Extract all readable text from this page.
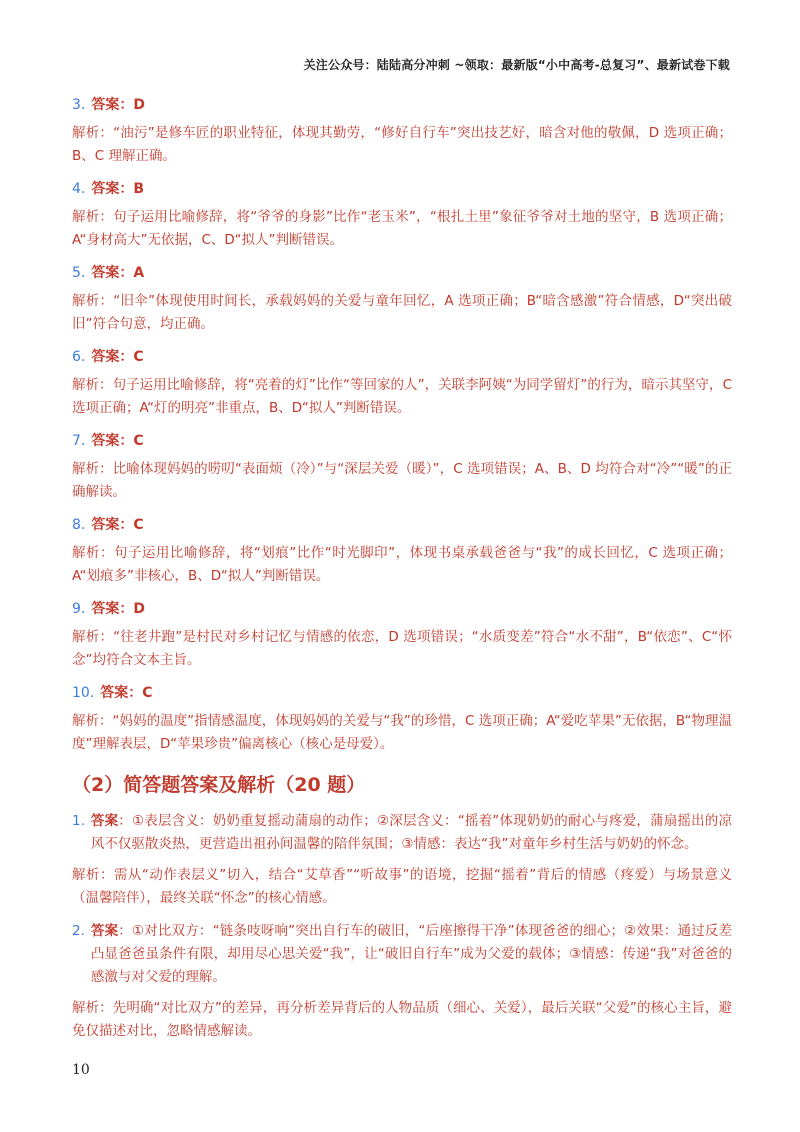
关注公众号：陆陆高分冲刺 ~领取：最新版“小中高考-总复习”、最新试卷下载
3. 答案： D

解析：“油污”是修车匠的职业特征，体现其勤劳，“修好自行车”突出技艺好，暗含对他的敬佩，D 选项正确；B、C 理解正确。

4. 答案： B

解析：句子运用比喻修辞，将“爷爷的身影”比作“老玉米”，“根扎土里”象征爷爷对土地的坚守，B 选项正确；A“身材高大”无依据，C、D“拟人”判断错误。

5. 答案： A

解析：“旧伞”体现使用时间长，承载妈妈的关爱与童年回忆，A 选项正确；B“暗含感激”符合情感，D“突出破旧”符合句意，均正确。

6. 答案： C

解析：句子运用比喻修辞，将“亮着的灯”比作“等回家的人”，关联李阿姨“为同学留灯”的行为，暗示其坚守，C 选项正确；A“灯的明亮”非重点，B、D“拟人”判断错误。

7. 答案： C

解析：比喻体现妈妈的唠叨“表面烦（冷）”与“深层关爱（暖）”，C 选项错误；A、B、D 均符合对“冷”“暖”的正确解读。

8. 答案： C

解析：句子运用比喻修辞，将“划痕”比作“时光脚印”，体现书桌承载爸爸与“我”的成长回忆，C 选项正确；A“划痕多”非核心，B、D“拟人”判断错误。

9. 答案： D

解析：“往老井跑”是村民对乡村记忆与情感的依恋，D 选项错误；“水质变差”符合“水不甜”，B“依恋”、C“怀念”均符合文本主旨。

10. 答案： C

解析：“妈妈的温度”指情感温度，体现妈妈的关爱与“我”的珍惜，C 选项正确；A“爱吃苹果”无依据，B“物理温度”理解表层，D“苹果珍贵”偏离核心（核心是母爱）。

（2）简答题答案及解析（20 题）
1. 答案：①表层含义：奶奶重复摇动蒲扇的动作；②深层含义：“摇着”体现奶奶的耐心与疼爱，蒲扇摇出的凉风不仅驱散炎热，更营造出祖孙间温馨的陪伴氛围；③情感：表达“我”对童年乡村生活与奶奶的怀念。

解析：需从“动作表层义”切入，结合“艾草香”“听故事”的语境，挖掘“摇着”背后的情感（疼爱）与场景意义（温馨陪伴），最终关联“怀念”的核心情感。

2. 答案：①对比双方：“链条吱呀响”突出自行车的破旧，“后座擦得干净”体现爸爸的细心；②效果：通过反差凸显爸爸虽条件有限，却用尽心思关爱“我”，让“破旧自行车”成为父爱的载体；③情感：传递“我”对爸爸的感激与对父爱的理解。

解析：先明确“对比双方”的差异，再分析差异背后的人物品质（细心、关爱），最后关联“父爱”的核心主旨，避免仅描述对比，忽略情感解读。

10
